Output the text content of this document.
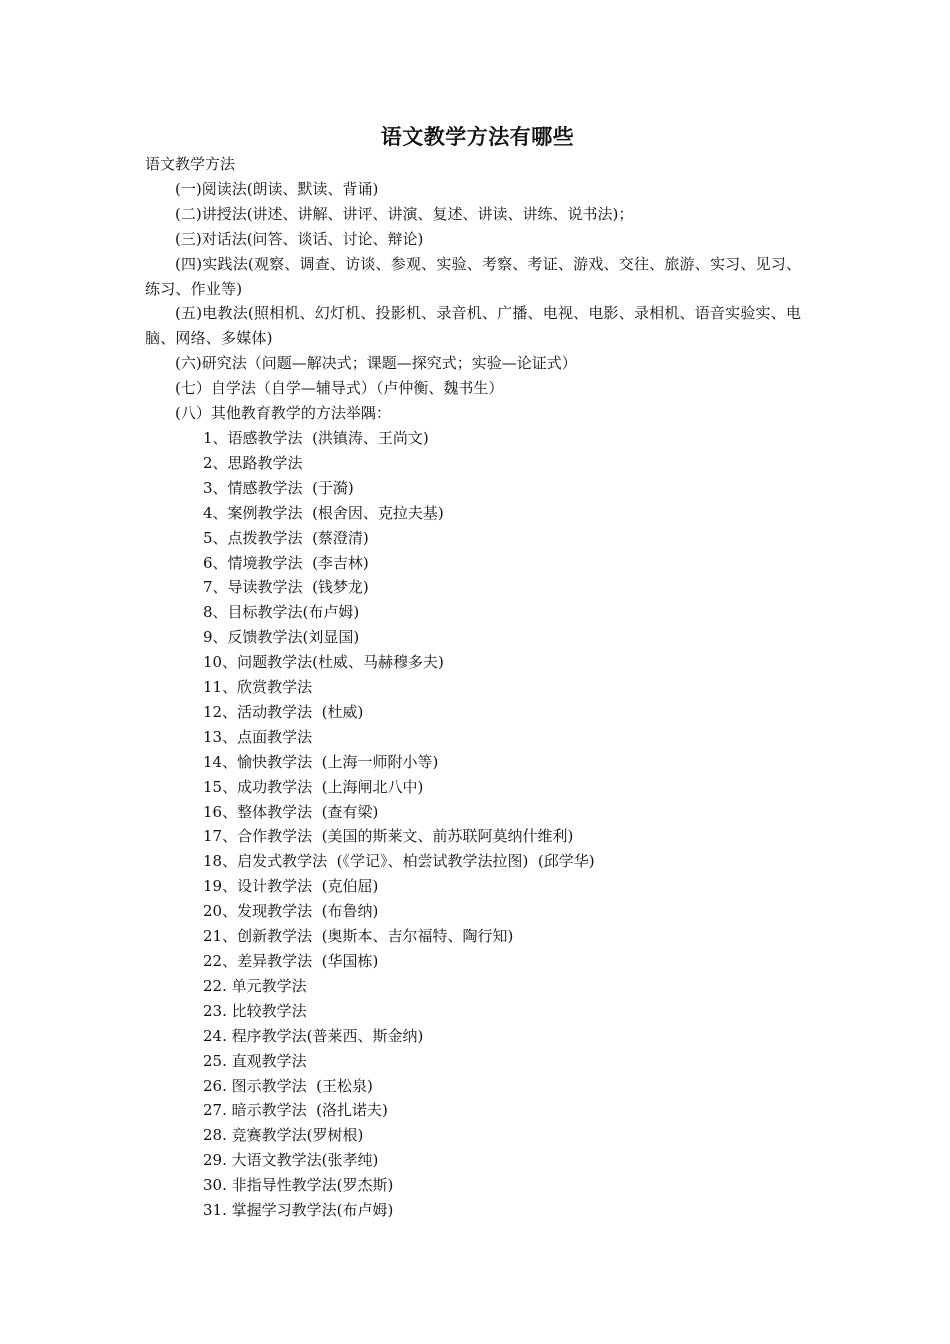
语文教学方法有哪些
语文教学方法
(一)阅读法(朗读、默读、背诵)
(二)讲授法(讲述、讲解、讲评、讲演、复述、讲读、讲练、说书法)；
(三)对话法(问答、谈话、讨论、辩论)
(四)实践法(观察、调查、访谈、参观、实验、考察、考证、游戏、交往、旅游、实习、见习、练习、作业等)
(五)电教法(照相机、幻灯机、投影机、录音机、广播、电视、电影、录相机、语音实验实、电脑、网络、多媒体)
(六)研究法（问题—解决式；课题—探究式；实验—论证式）
(七）自学法（自学—辅导式）（卢仲衡、魏书生）
(八）其他教育教学的方法举隅：
1、语感教学法  (洪镇涛、王尚文)
2、思路教学法
3、情感教学法  (于漪)
4、案例教学法  (根舍因、克拉夫基)
5、点拨教学法  (蔡澄清)
6、情境教学法  (李吉林)
7、导读教学法  (钱梦龙)
8、目标教学法(布卢姆)
9、反馈教学法(刘显国)
10、问题教学法(杜威、马赫穆多夫)
11、欣赏教学法
12、活动教学法  (杜威)
13、点面教学法
14、愉快教学法  (上海一师附小等)
15、成功教学法  (上海闸北八中)
16、整体教学法  (查有梁)
17、合作教学法  (美国的斯莱文、前苏联阿莫纳什维利)
18、启发式教学法  (《学记》、柏尝试教学法拉图)  (邱学华)
19、设计教学法  (克伯屈)
20、发现教学法  (布鲁纳)
21、创新教学法  (奥斯本、吉尔福特、陶行知)
22、差异教学法  (华国栋)
22. 单元教学法
23. 比较教学法
24. 程序教学法(普莱西、斯金纳)
25. 直观教学法
26. 图示教学法  (王松泉)
27. 暗示教学法  (洛扎诺夫)
28. 竞赛教学法(罗树根)
29. 大语文教学法(张孝纯)
30. 非指导性教学法(罗杰斯)
31. 掌握学习教学法(布卢姆)
